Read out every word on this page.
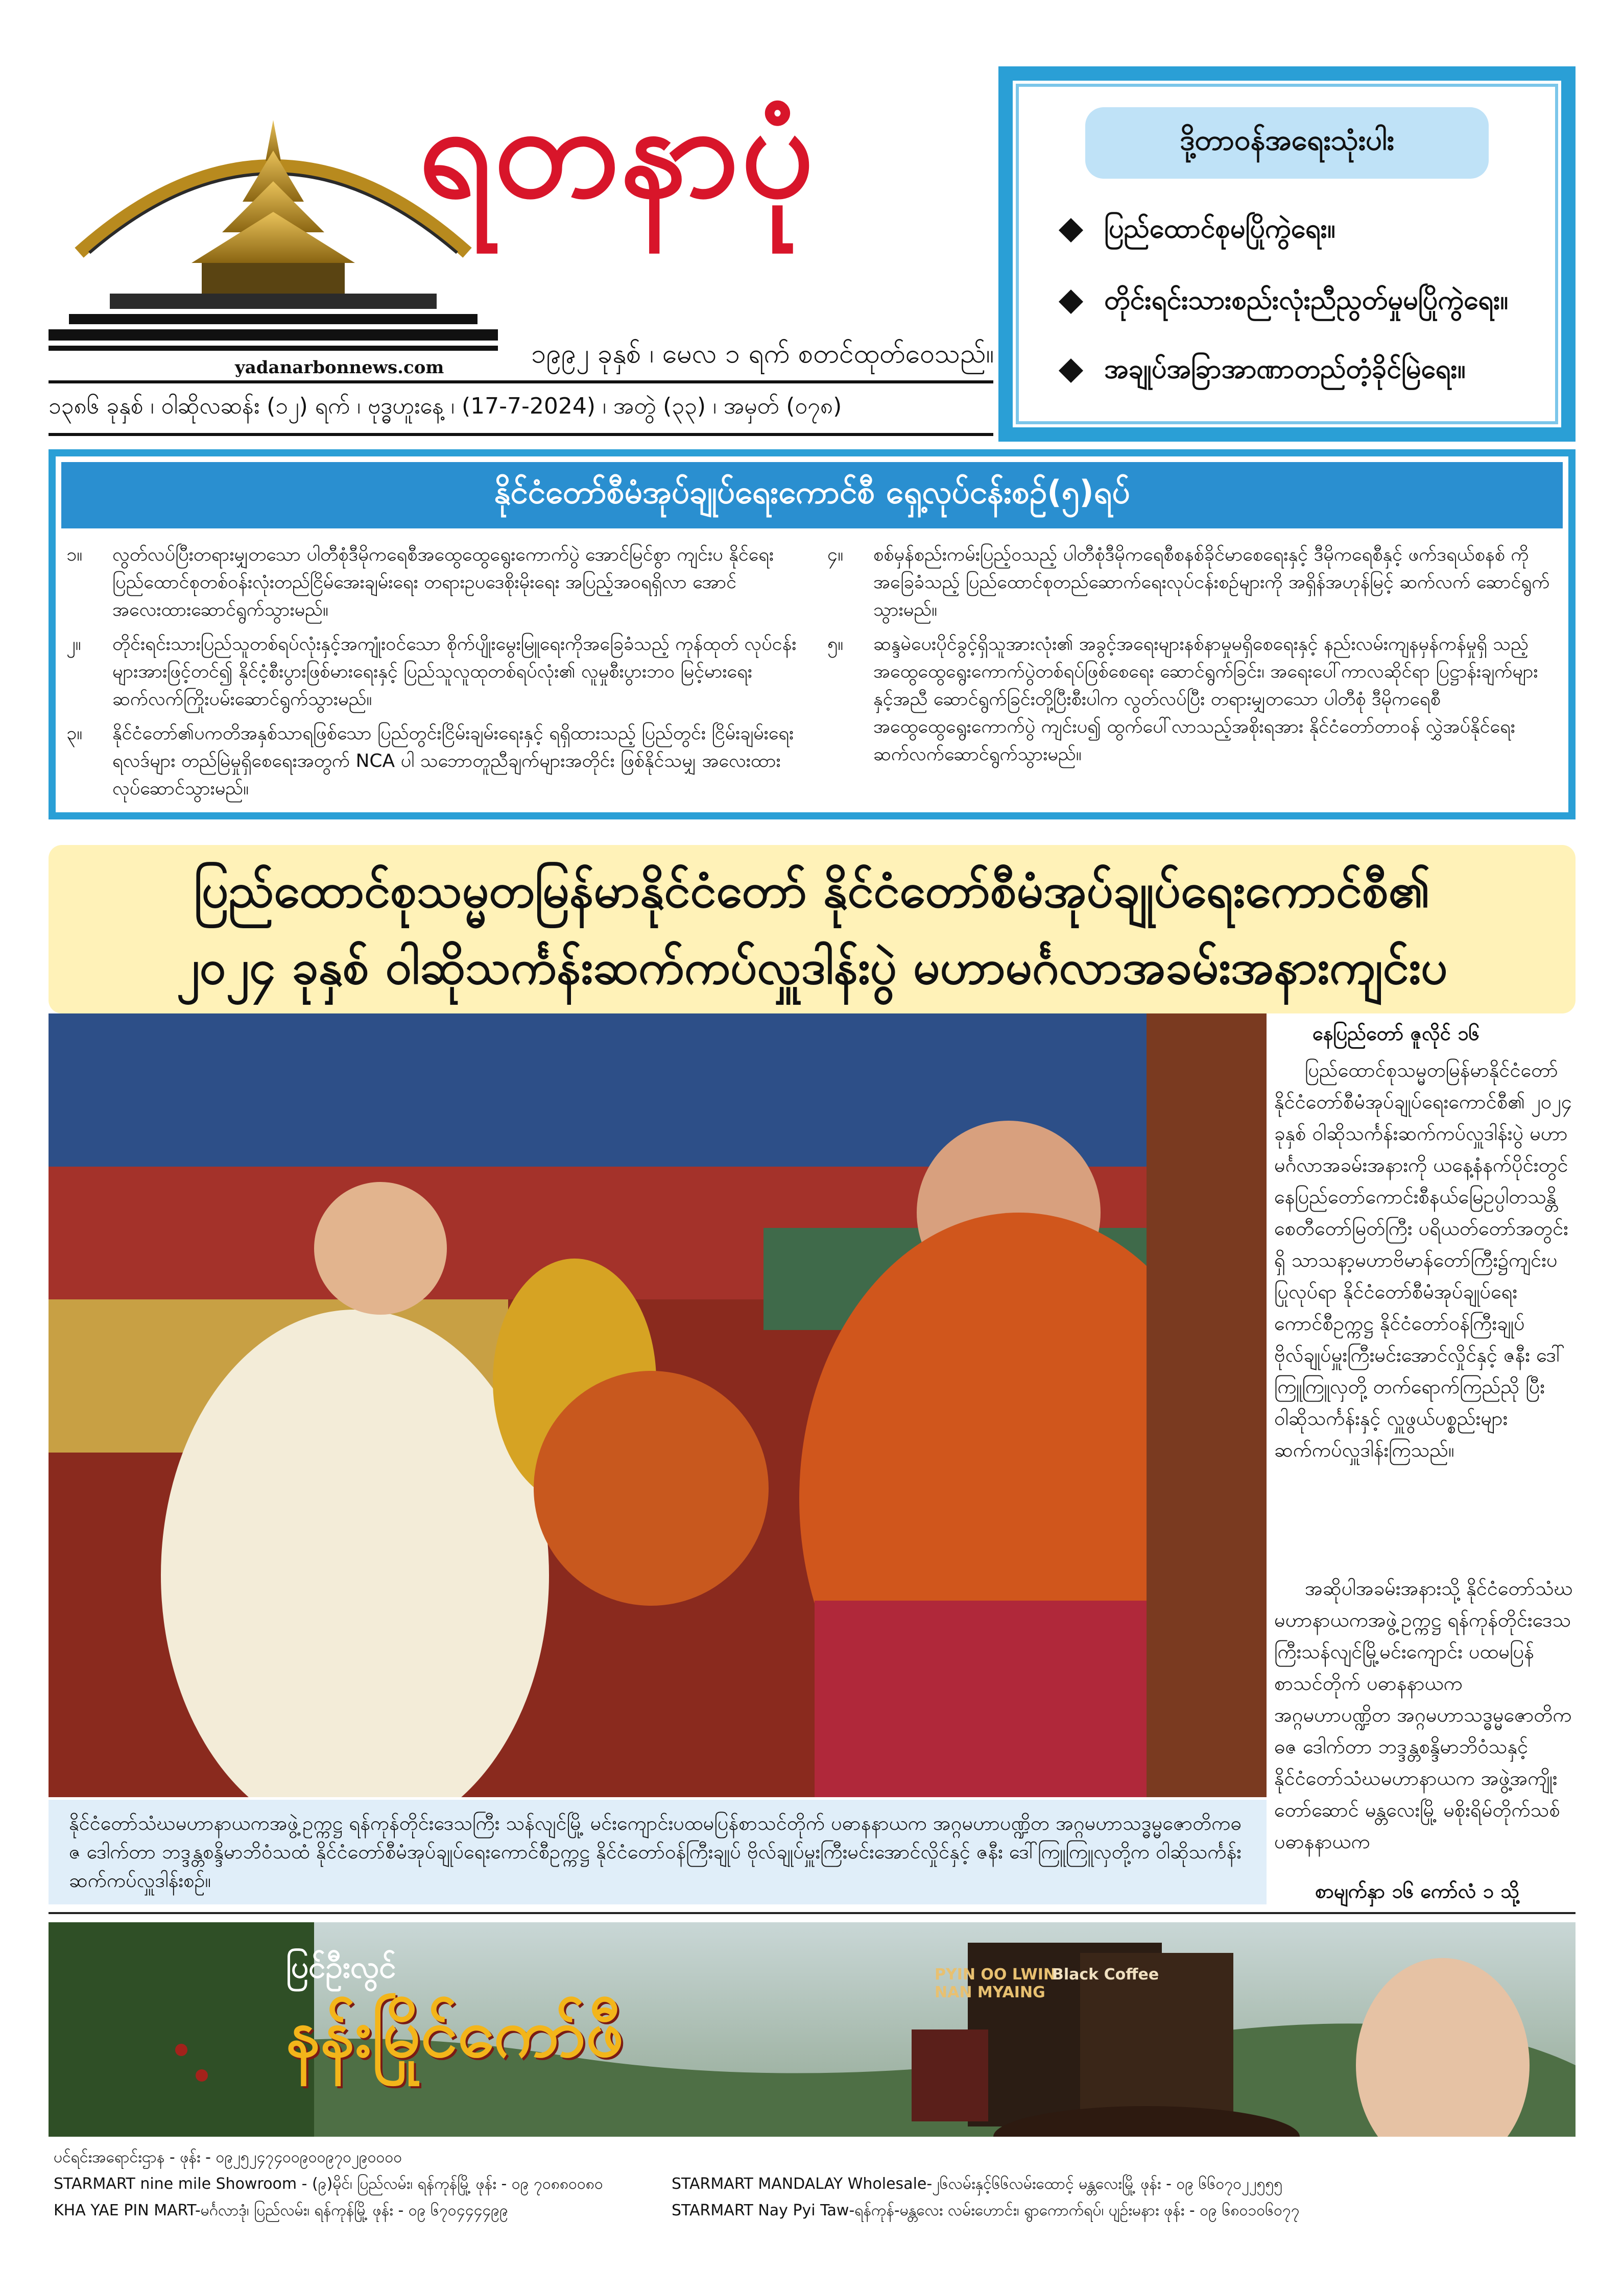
yadanarbonnews.com
ရတနာပုံ
၁၉၉၂ ခုနှစ် ၊ မေလ ၁ ရက် စတင်ထုတ်ဝေသည်။
၁၃၈၆ ခုနှစ် ၊ ဝါဆိုလဆန်း (၁၂) ရက် ၊ ဗုဒ္ဓဟူးနေ့ ၊ (17-7-2024) ၊ အတွဲ (၃၃) ၊ အမှတ် (၀၇၈)
ဒို့တာဝန်အရေးသုံးပါး
ပြည်ထောင်စုမပြိုကွဲရေး။
တိုင်းရင်းသားစည်းလုံးညီညွတ်မှုမပြိုကွဲရေး။
အချုပ်အခြာအာဏာတည်တံ့ခိုင်မြဲရေး။
နိုင်ငံတော်စီမံအုပ်ချုပ်ရေးကောင်စီ ရှေ့လုပ်ငန်းစဉ်(၅)ရပ်
၁။ လွတ်လပ်ပြီးတရားမျှတသော ပါတီစုံဒီမိုကရေစီအထွေထွေရွေးကောက်ပွဲ အောင်မြင်စွာ ကျင်းပ နိုင်ရေး ပြည်ထောင်စုတစ်ဝန်းလုံးတည်ငြိမ်အေးချမ်းရေး တရားဥပဒေစိုးမိုးရေး အပြည့်အဝရရှိလာ အောင် အလေးထားဆောင်ရွက်သွားမည်။
၂။ တိုင်းရင်းသားပြည်သူတစ်ရပ်လုံးနှင့်အကျုံးဝင်သော စိုက်ပျိုးမွေးမြူရေးကိုအခြေခံသည့် ကုန်ထုတ် လုပ်ငန်းများအားဖြင့်တင်၍ နိုင်ငံ့စီးပွားဖြစ်မားရေးနှင့် ပြည်သူလူထုတစ်ရပ်လုံး၏ လူမှုစီးပွားဘဝ မြင့်မားရေး ဆက်လက်ကြိုးပမ်းဆောင်ရွက်သွားမည်။
၃။ နိုင်ငံတော်၏ပကတိအနှစ်သာရဖြစ်သော ပြည်တွင်းငြိမ်းချမ်းရေးနှင့် ရရှိထားသည့် ပြည်တွင်း ငြိမ်းချမ်းရေးရလဒ်များ တည်မြဲမှုရှိစေရေးအတွက် NCA ပါ သဘောတူညီချက်များအတိုင်း ဖြစ်နိုင်သမျှ အလေးထားလုပ်ဆောင်သွားမည်။
၄။ စစ်မှန်စည်းကမ်းပြည့်ဝသည့် ပါတီစုံဒီမိုကရေစီစနစ်ခိုင်မာစေရေးနှင့် ဒီမိုကရေစီနှင့် ဖက်ဒရယ်စနစ် ကို အခြေခံသည့် ပြည်ထောင်စုတည်ဆောက်ရေးလုပ်ငန်းစဉ်များကို အရှိန်အဟုန်မြင့် ဆက်လက် ဆောင်ရွက်သွားမည်။
၅။ ဆန္ဒမဲပေးပိုင်ခွင့်ရှိသူအားလုံး၏ အခွင့်အရေးများနစ်နာမှုမရှိစေရေးနှင့် နည်းလမ်းကျနမှန်ကန်မှုရှိ သည့် အထွေထွေရွေးကောက်ပွဲတစ်ရပ်ဖြစ်စေရေး ဆောင်ရွက်ခြင်း၊ အရေးပေါ်ကာလဆိုင်ရာ ပြဋ္ဌာန်းချက်များနှင့်အညီ ဆောင်ရွက်ခြင်းတို့ပြီးစီးပါက လွတ်လပ်ပြီး တရားမျှတသော ပါတီစုံ ဒီမိုကရေစီ အထွေထွေရွေးကောက်ပွဲ ကျင်းပ၍ ထွက်ပေါ်လာသည့်အစိုးရအား နိုင်ငံတော်တာဝန် လွှဲအပ်နိုင်ရေး ဆက်လက်ဆောင်ရွက်သွားမည်။
ပြည်ထောင်စုသမ္မတမြန်မာနိုင်ငံတော် နိုင်ငံတော်စီမံအုပ်ချုပ်ရေးကောင်စီ၏
၂၀၂၄ ခုနှစ် ဝါဆိုသင်္ကန်းဆက်ကပ်လှူဒါန်းပွဲ မဟာမင်္ဂလာအခမ်းအနားကျင်းပ
နိုင်ငံတော်သံဃမဟာနာယကအဖွဲ့ဥက္ကဋ္ဌ ရန်ကုန်တိုင်းဒေသကြီး သန်လျင်မြို့ မင်းကျောင်းပထမပြန်စာသင်တိုက် ပဓာနနာယက အဂ္ဂမဟာပဏ္ဍိတ အဂ္ဂမဟာသဒ္ဓမ္မဇောတိကဓဇ ဒေါက်တာ ဘဒ္ဒန္တစန္ဒိမာဘိဝံသထံ နိုင်ငံတော်စီမံအုပ်ချုပ်ရေးကောင်စီဥက္ကဋ္ဌ နိုင်ငံတော်ဝန်ကြီးချုပ် ဗိုလ်ချုပ်မှူးကြီးမင်းအောင်လှိုင်နှင့် ဇနီး ဒေါ်ကြူကြူလှတို့က ဝါဆိုသင်္ကန်းဆက်ကပ်လှူဒါန်းစဉ်။
နေပြည်တော် ဇူလိုင် ၁၆
ပြည်ထောင်စုသမ္မတမြန်မာနိုင်ငံတော် နိုင်ငံတော်စီမံအုပ်ချုပ်ရေးကောင်စီ၏ ၂၀၂၄ ခုနှစ် ဝါဆိုသင်္ကန်းဆက်ကပ်လှူဒါန်းပွဲ မဟာမင်္ဂလာအခမ်းအနားကို ယနေ့နံနက်ပိုင်းတွင် နေပြည်တော်ကောင်းစီနယ်မြေဥပ္ပါတသန္တိစေတီတော်မြတ်ကြီး ပရိယတ်တော်အတွင်းရှိ သာသနာ့မဟာဗိမာန်တော်ကြီး၌ကျင်းပပြုလုပ်ရာ နိုင်ငံတော်စီမံအုပ်ချုပ်ရေးကောင်စီဥက္ကဋ္ဌ နိုင်ငံတော်ဝန်ကြီးချုပ် ဗိုလ်ချုပ်မှူးကြီးမင်းအောင်လှိုင်နှင့် ဇနီး ဒေါ်ကြူကြူလှတို့ တက်ရောက်ကြည်ညို ပြီး ဝါဆိုသင်္ကန်းနှင့် လှူဖွယ်ပစ္စည်းများ ဆက်ကပ်လှူဒါန်းကြသည်။
အဆိုပါအခမ်းအနားသို့ နိုင်ငံတော်သံဃမဟာနာယကအဖွဲ့ဥက္ကဋ္ဌ ရန်ကုန်တိုင်းဒေသကြီးသန်လျင်မြို့မင်းကျောင်း ပထမပြန်စာသင်တိုက် ပဓာနနာယက အဂ္ဂမဟာပဏ္ဍိတ အဂ္ဂမဟာသဒ္ဓမ္မဇောတိကဓဇ ဒေါက်တာ ဘဒ္ဒန္တစန္ဒိမာဘိဝံသနှင့်နိုင်ငံတော်သံဃမဟာနာယက အဖွဲ့အကျိုးတော်ဆောင် မန္တလေးမြို့ မစိုးရိမ်တိုက်သစ်ပဓာနနာယက
စာမျက်နှာ ၁၆ ကော်လံ ၁ သို့
ပြင်ဦးလွင်
နန်းမြိုင်ကော်ဖီ
PYIN OO LWIN NAN MYAING
Black Coffee
ပင်ရင်းအရောင်းဌာန - ဖုန်း - ၀၉၂၅၂၄၇၄၀၀၉၀၀၉၇၀၂၉၀၀၀၀
STARMART nine mile Showroom - (၉)မိုင်၊ ပြည်လမ်း၊ ရန်ကုန်မြို့ ဖုန်း - ၀၉ ၇၀၈၈၀၀၈၀
KHA YAE PIN MART-မင်္ဂလာဒုံ၊ ပြည်လမ်း၊ ရန်ကုန်မြို့ ဖုန်း - ၀၉ ၆၇၀၄၄၄၄၉၉
STARMART MANDALAY Wholesale-၂၆လမ်းနှင့်၆၆လမ်းထောင့် မန္တလေးမြို့ ဖုန်း - ၀၉ ၆၆၀၇၀၂၂၅၅၅
STARMART Nay Pyi Taw-ရန်ကုန်-မန္တလေး လမ်းဟောင်း၊ ရွာကောက်ရပ်၊ ပျဉ်းမနား ဖုန်း - ၀၉ ၆၈၀၁၀၆၀၇၇
